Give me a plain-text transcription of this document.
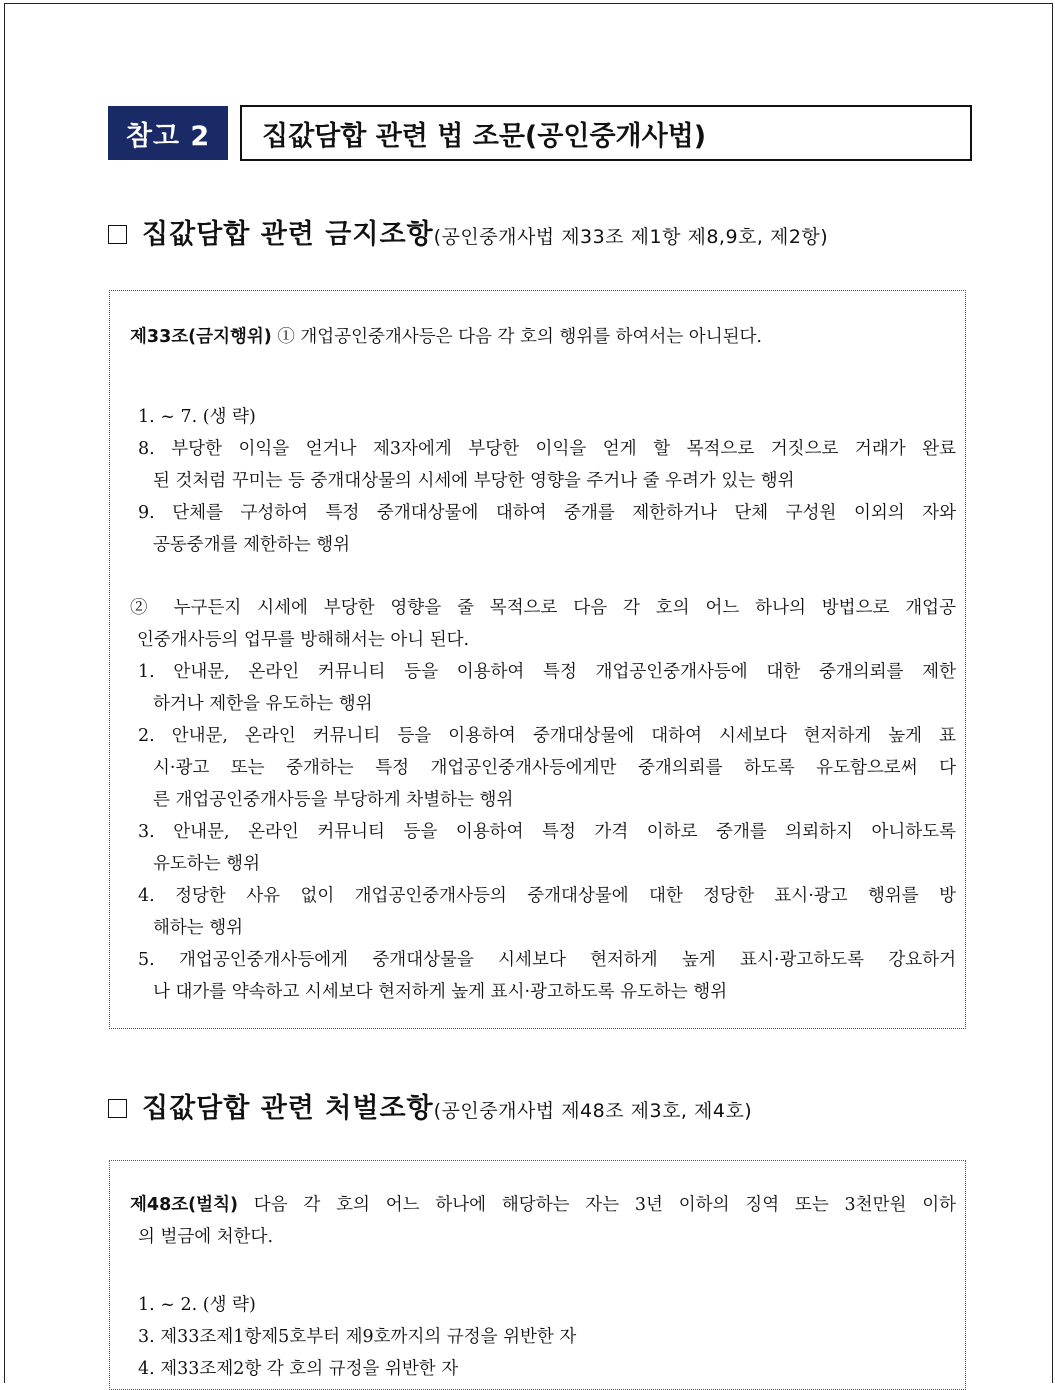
참고 2	집값담합 관련 법 조문(공인중개사법)
집값담합 관련 금지조항 (공인중개사법 제33조 제1항 제8,9호, 제2항)
제33조(금지행위) ① 개업공인중개사등은 다음 각 호의 행위를 하여서는 아니된다.
1. ~ 7. (생 략)
8. 부당한 이익을 얻거나 제3자에게 부당한 이익을 얻게 할 목적으로 거짓으로 거래가 완료
된 것처럼 꾸미는 등 중개대상물의 시세에 부당한 영향을 주거나 줄 우려가 있는 행위
9. 단체를 구성하여 특정 중개대상물에 대하여 중개를 제한하거나 단체 구성원 이외의 자와
공동중개를 제한하는 행위
② 누구든지 시세에 부당한 영향을 줄 목적으로 다음 각 호의 어느 하나의 방법으로 개업공
인중개사등의 업무를 방해해서는 아니 된다.
1. 안내문, 온라인 커뮤니티 등을 이용하여 특정 개업공인중개사등에 대한 중개의뢰를 제한
하거나 제한을 유도하는 행위
2. 안내문, 온라인 커뮤니티 등을 이용하여 중개대상물에 대하여 시세보다 현저하게 높게 표
시·광고 또는 중개하는 특정 개업공인중개사등에게만 중개의뢰를 하도록 유도함으로써 다
른 개업공인중개사등을 부당하게 차별하는 행위
3. 안내문, 온라인 커뮤니티 등을 이용하여 특정 가격 이하로 중개를 의뢰하지 아니하도록
유도하는 행위
4. 정당한 사유 없이 개업공인중개사등의 중개대상물에 대한 정당한 표시·광고 행위를 방
해하는 행위
5. 개업공인중개사등에게 중개대상물을 시세보다 현저하게 높게 표시·광고하도록 강요하거
나 대가를 약속하고 시세보다 현저하게 높게 표시·광고하도록 유도하는 행위
집값담합 관련 처벌조항 (공인중개사법 제48조 제3호, 제4호)
제48조(벌칙) 다음 각 호의 어느 하나에 해당하는 자는 3년 이하의 징역 또는 3천만원 이하
의 벌금에 처한다.
1. ~ 2. (생 략)
3. 제33조제1항제5호부터 제9호까지의 규정을 위반한 자
4. 제33조제2항 각 호의 규정을 위반한 자
